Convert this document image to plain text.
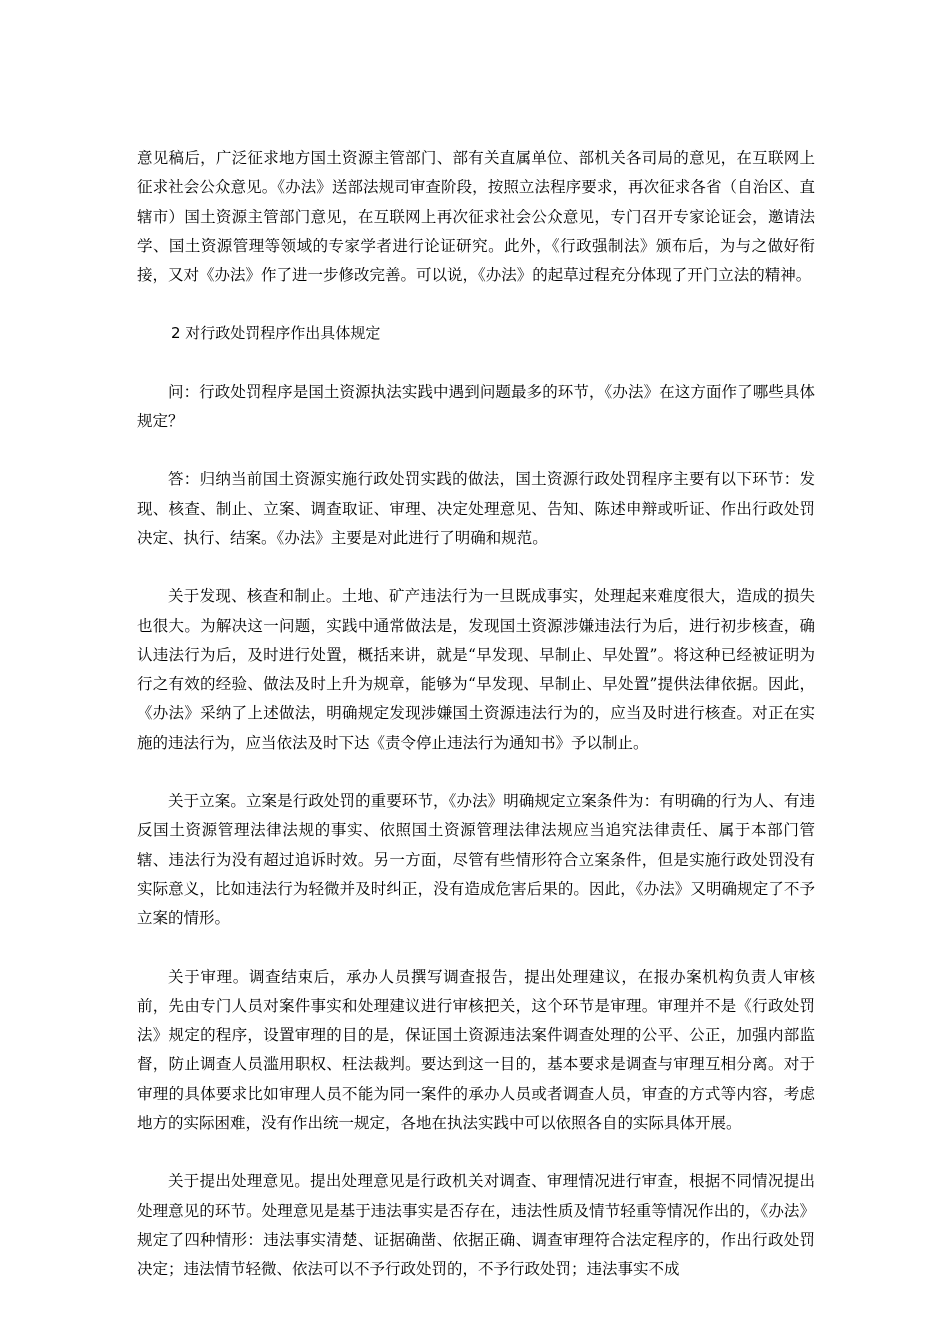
意见稿后，广泛征求地方国土资源主管部门、部有关直属单位、部机关各司局的意见，在互联网上征求社会公众意见。《办法》送部法规司审查阶段，按照立法程序要求，再次征求各省（自治区、直辖市）国土资源主管部门意见，在互联网上再次征求社会公众意见，专门召开专家论证会，邀请法学、国土资源管理等领域的专家学者进行论证研究。此外，《行政强制法》颁布后，为与之做好衔接，又对《办法》作了进一步修改完善。可以说，《办法》的起草过程充分体现了开门立法的精神。

2 对行政处罚程序作出具体规定

问：行政处罚程序是国土资源执法实践中遇到问题最多的环节，《办法》在这方面作了哪些具体规定？

答：归纳当前国土资源实施行政处罚实践的做法，国土资源行政处罚程序主要有以下环节：发现、核查、制止、立案、调查取证、审理、决定处理意见、告知、陈述申辩或听证、作出行政处罚决定、执行、结案。《办法》主要是对此进行了明确和规范。

关于发现、核查和制止。土地、矿产违法行为一旦既成事实，处理起来难度很大，造成的损失也很大。为解决这一问题，实践中通常做法是，发现国土资源涉嫌违法行为后，进行初步核查，确认违法行为后，及时进行处置，概括来讲，就是“早发现、早制止、早处置”。将这种已经被证明为行之有效的经验、做法及时上升为规章，能够为“早发现、早制止、早处置”提供法律依据。因此，《办法》采纳了上述做法，明确规定发现涉嫌国土资源违法行为的，应当及时进行核查。对正在实施的违法行为，应当依法及时下达《责令停止违法行为通知书》予以制止。

关于立案。立案是行政处罚的重要环节，《办法》明确规定立案条件为：有明确的行为人、有违反国土资源管理法律法规的事实、依照国土资源管理法律法规应当追究法律责任、属于本部门管辖、违法行为没有超过追诉时效。另一方面，尽管有些情形符合立案条件，但是实施行政处罚没有实际意义，比如违法行为轻微并及时纠正，没有造成危害后果的。因此，《办法》又明确规定了不予立案的情形。

关于审理。调查结束后，承办人员撰写调查报告，提出处理建议，在报办案机构负责人审核前，先由专门人员对案件事实和处理建议进行审核把关，这个环节是审理。审理并不是《行政处罚法》规定的程序，设置审理的目的是，保证国土资源违法案件调查处理的公平、公正，加强内部监督，防止调查人员滥用职权、枉法裁判。要达到这一目的，基本要求是调查与审理互相分离。对于审理的具体要求比如审理人员不能为同一案件的承办人员或者调查人员，审查的方式等内容，考虑地方的实际困难，没有作出统一规定，各地在执法实践中可以依照各自的实际具体开展。

关于提出处理意见。提出处理意见是行政机关对调查、审理情况进行审查，根据不同情况提出处理意见的环节。处理意见是基于违法事实是否存在，违法性质及情节轻重等情况作出的，《办法》规定了四种情形：违法事实清楚、证据确凿、依据正确、调查审理符合法定程序的，作出行政处罚决定；违法情节轻微、依法可以不予行政处罚的，不予行政处罚；违法事实不成
